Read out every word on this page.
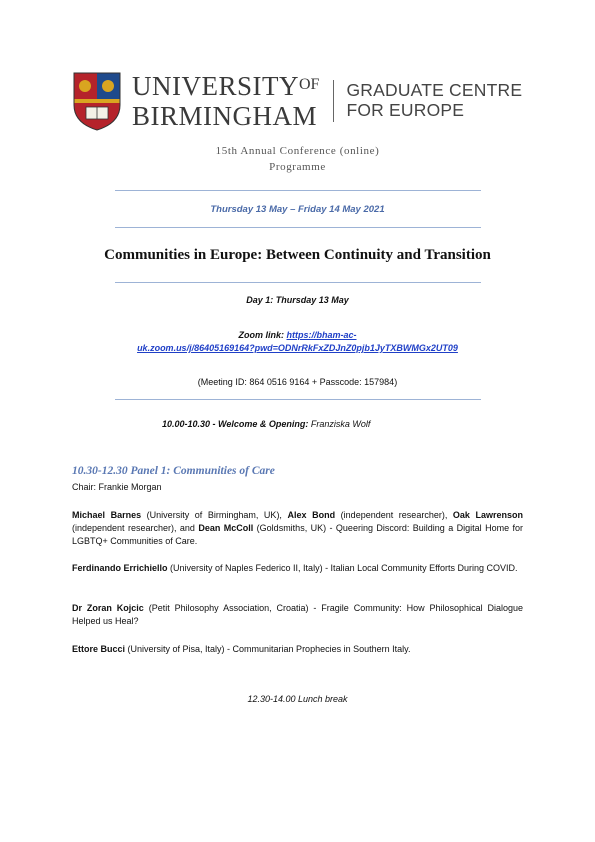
$UNIVERSITY^{OF}$
BIRMINGHAM
GRADUATE CENTRE
FOR EUROPE
15th Annual Conference (online)
Programme
Thursday 13 May – Friday 14 May 2021
Communities in Europe: Between Continuity and Transition
Day 1: Thursday 13 May
Zoom link: https://bham-ac-
uk.zoom.us/j/86405169164?pwd=ODNrRkFxZDJnZ0pjb1JyTXBWMGx2UT09
(Meeting ID: 864 0516 9164 + Passcode: 157984)
10.00-10.30 - Welcome & Opening: Franziska Wolf
10.30-12.30 Panel 1: Communities of Care
Chair: Frankie Morgan
Michael Barnes (University of Birmingham, UK), Alex Bond (independent researcher), Oak Lawrenson (independent researcher), and Dean McColl (Goldsmiths, UK) - Queering Discord: Building a Digital Home for LGBTQ+ Communities of Care.
Ferdinando Errichiello (University of Naples Federico II, Italy) - Italian Local Community Efforts During COVID.
Dr Zoran Kojcic (Petit Philosophy Association, Croatia) - Fragile Community: How Philosophical Dialogue Helped us Heal?
Ettore Bucci (University of Pisa, Italy) - Communitarian Prophecies in Southern Italy.
12.30-14.00 Lunch break
